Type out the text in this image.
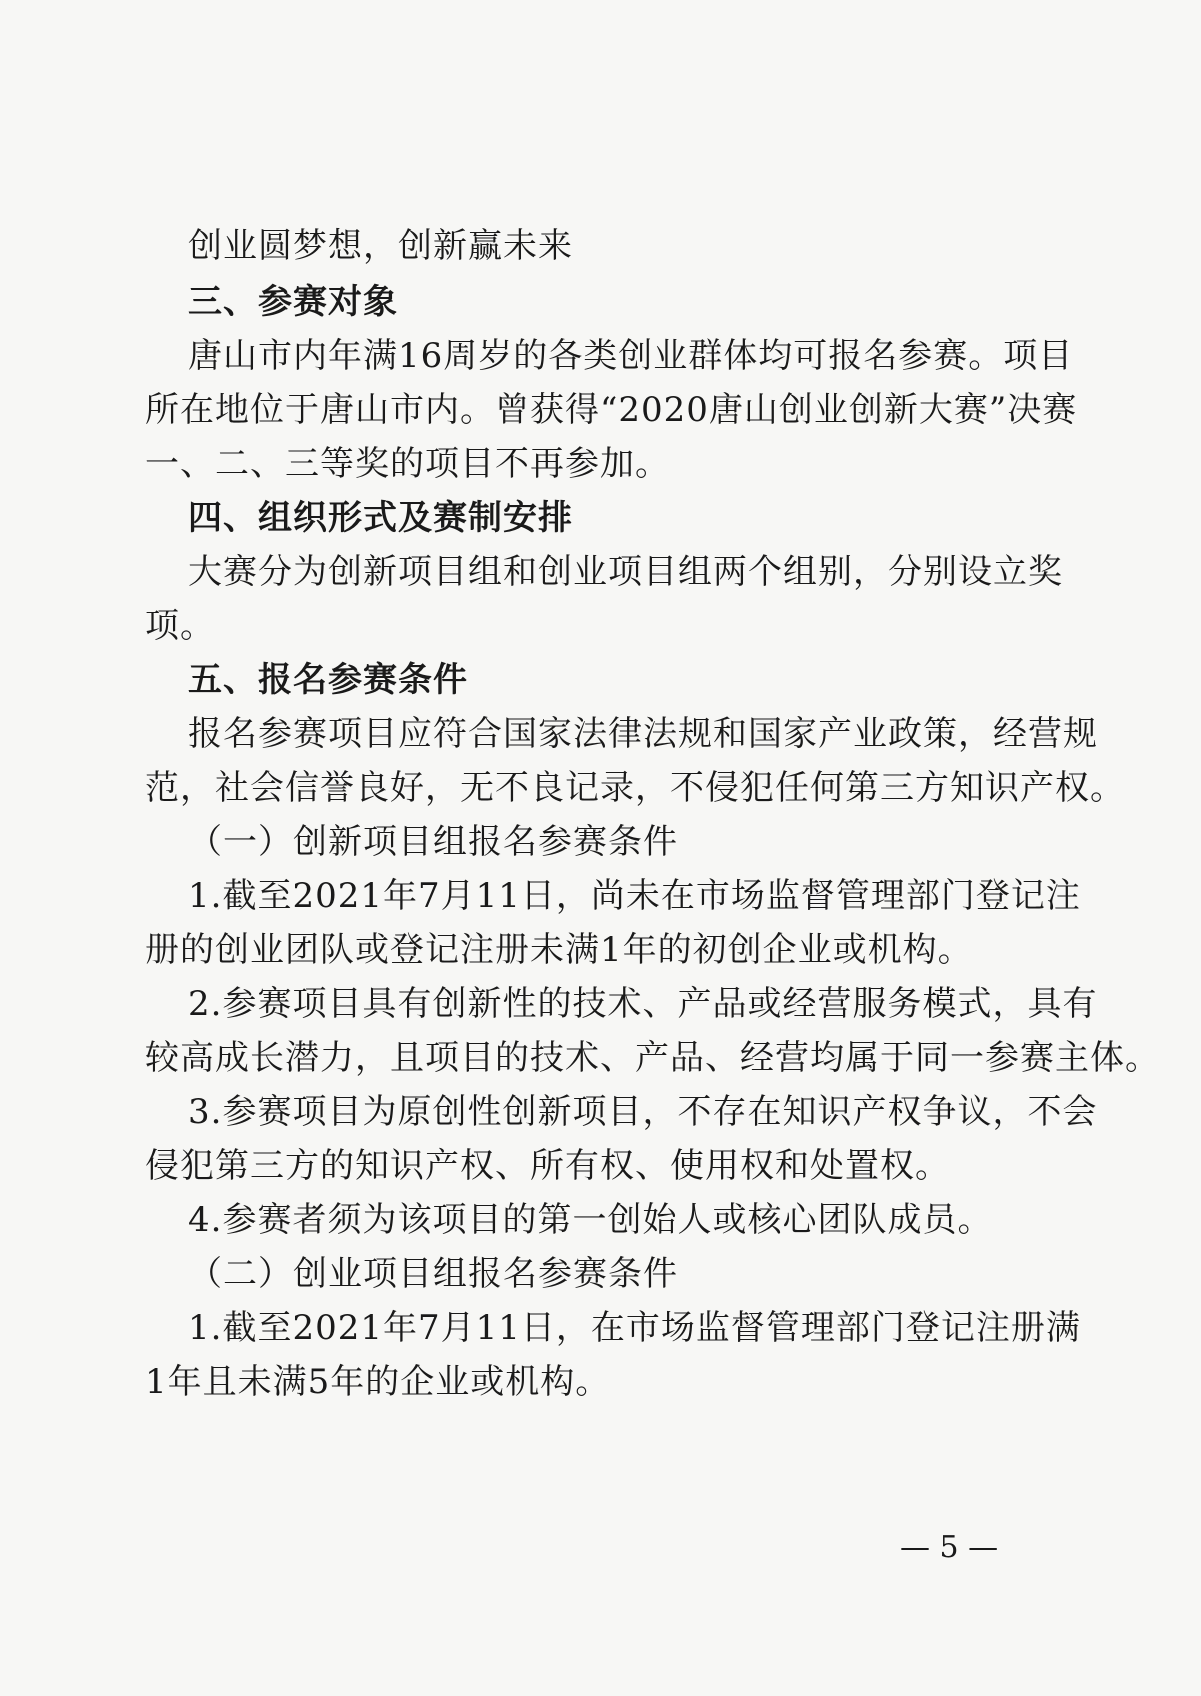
创业圆梦想，创新赢未来
三、参赛对象
唐山市内年满16周岁的各类创业群体均可报名参赛。项目
所在地位于唐山市内。曾获得“2020唐山创业创新大赛”决赛
一、二、三等奖的项目不再参加。
四、组织形式及赛制安排
大赛分为创新项目组和创业项目组两个组别，分别设立奖
项。
五、报名参赛条件
报名参赛项目应符合国家法律法规和国家产业政策，经营规
范，社会信誉良好，无不良记录，不侵犯任何第三方知识产权。
（一）创新项目组报名参赛条件
1.截至2021年7月11日，尚未在市场监督管理部门登记注
册的创业团队或登记注册未满1年的初创企业或机构。
2.参赛项目具有创新性的技术、产品或经营服务模式，具有
较高成长潜力，且项目的技术、产品、经营均属于同一参赛主体。
3.参赛项目为原创性创新项目，不存在知识产权争议，不会
侵犯第三方的知识产权、所有权、使用权和处置权。
4.参赛者须为该项目的第一创始人或核心团队成员。
（二）创业项目组报名参赛条件
1.截至2021年7月11日，在市场监督管理部门登记注册满
1年且未满5年的企业或机构。
— 5 —
